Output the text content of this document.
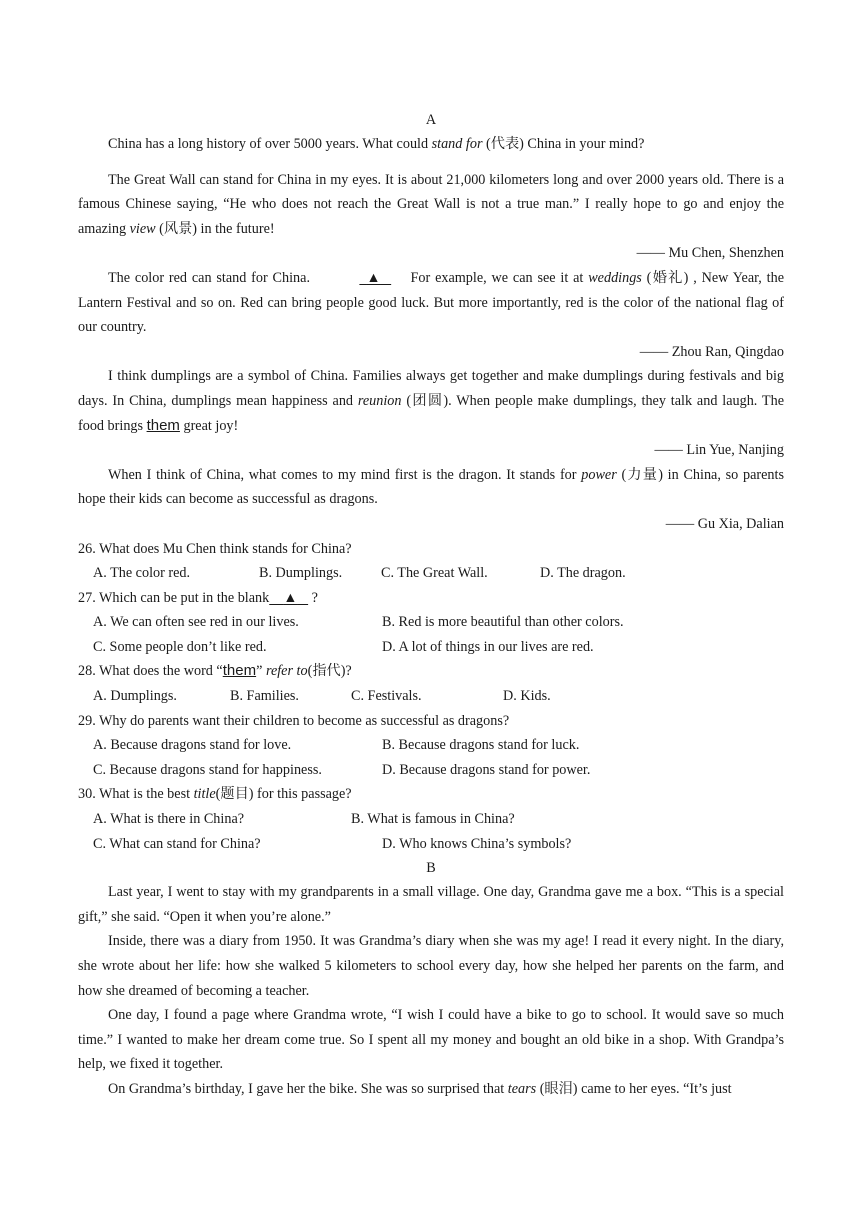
A

China has a long history of over 5000 years. What could stand for (代表) China in your mind?

The Great Wall can stand for China in my eyes. It is about 21,000 kilometers long and over 2000 years old. There is a famous Chinese saying, “He who does not reach the Great Wall is not a true man.” I really hope to go and enjoy the amazing view (风景) in the future!

—— Mu Chen, Shenzhen

The color red can stand for China.	▲       For example, we can see it at weddings (婚礼) , New Year, the Lantern Festival and so on. Red can bring people good luck. But more importantly, red is the color of the national flag of our country.

—— Zhou Ran, Qingdao

I think dumplings are a symbol of China. Families always get together and make dumplings during festivals and big days. In China, dumplings mean happiness and reunion (团圆). When people make dumplings, they talk and laugh. The food brings them great joy!

—— Lin Yue, Nanjing

When I think of China, what comes to my mind first is the dragon. It stands for power (力量) in China, so parents hope their kids can become as successful as dragons.

—— Gu Xia, Dalian
26. What does Mu Chen think stands for China?
A. The color red.	B. Dumplings.	C. The Great Wall.	D. The dragon.
27. Which can be put in the blank ▲    ?
A. We can often see red in our lives.	B. Red is more beautiful than other colors.
C. Some people don’t like red.	D. A lot of things in our lives are red.
28. What does the word “them” refer to(指代)?
A. Dumplings.	B. Families.	C. Festivals.	D. Kids.
29. Why do parents want their children to become as successful as dragons?
A. Because dragons stand for love.	B. Because dragons stand for luck.
C. Because dragons stand for happiness.	D. Because dragons stand for power.
30. What is the best title(题目) for this passage?
A. What is there in China?	B. What is famous in China?
C. What can stand for China?	D. Who knows China’s symbols?
B

Last year, I went to stay with my grandparents in a small village. One day, Grandma gave me a box. “This is a special gift,” she said. “Open it when you’re alone.”

Inside, there was a diary from 1950. It was Grandma’s diary when she was my age! I read it every night. In the diary, she wrote about her life: how she walked 5 kilometers to school every day, how she helped her parents on the farm, and how she dreamed of becoming a teacher.

One day, I found a page where Grandma wrote, “I wish I could have a bike to go to school. It would save so much time.” I wanted to make her dream come true. So I spent all my money and bought an old bike in a shop. With Grandpa’s help, we fixed it together.

On Grandma’s birthday, I gave her the bike. She was so surprised that tears (眼泪) came to her eyes. “It’s just
